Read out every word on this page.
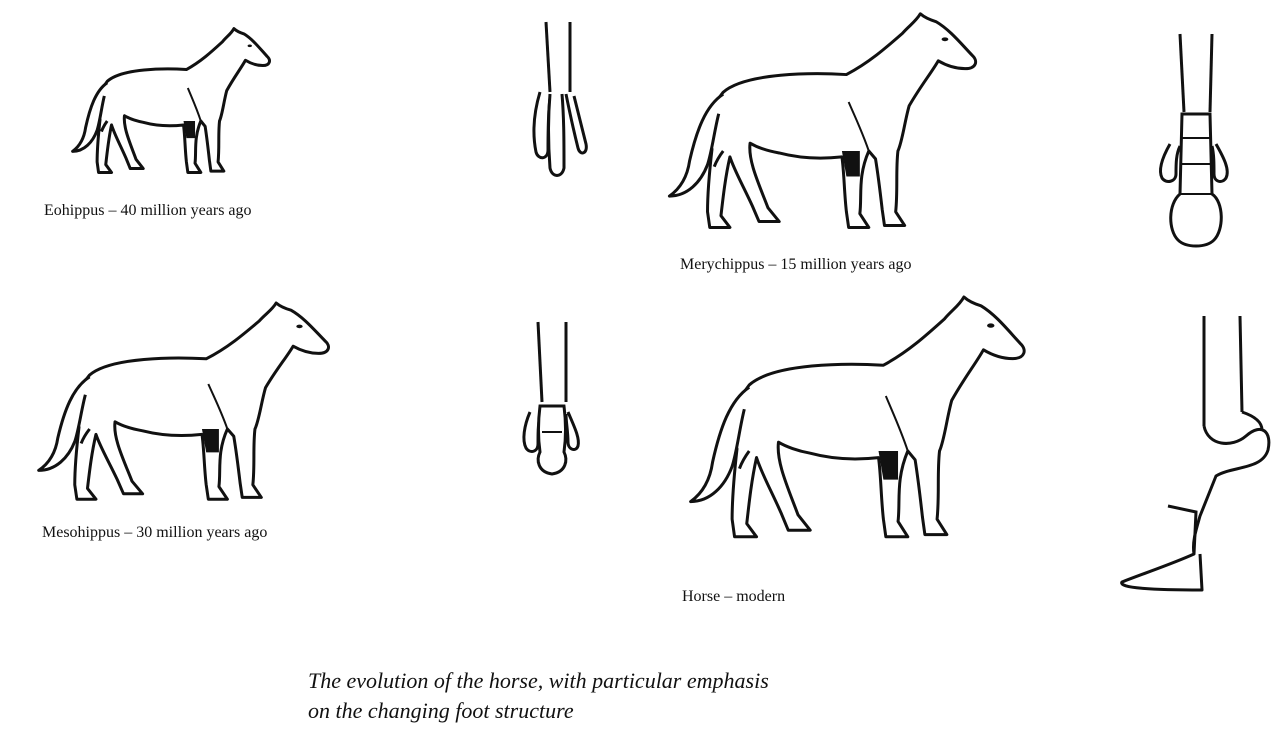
Eohippus – 40 million years ago
Mesohippus – 30 million years ago
Merychippus – 15 million years ago
Horse – modern
The evolution of the horse, with particular emphasis
on the changing foot structure
